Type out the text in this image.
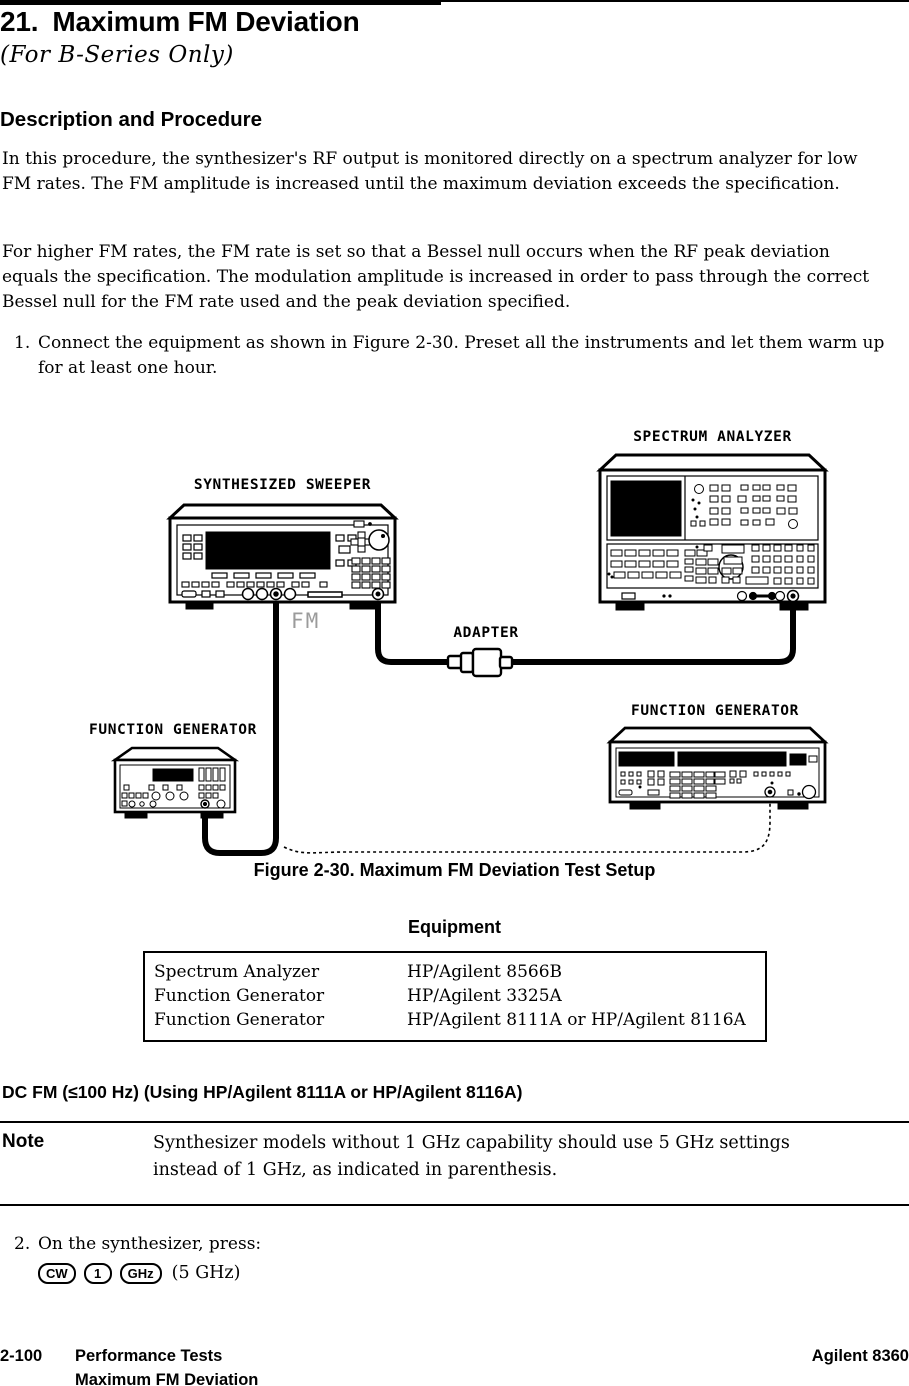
21. Maximum FM Deviation
(For B-Series Only)
Description and Procedure
In this procedure, the synthesizer's RF output is monitored directly on a spectrum analyzer for low FM rates. The FM amplitude is increased until the maximum deviation exceeds the specification.
For higher FM rates, the FM rate is set so that a Bessel null occurs when the RF peak deviation equals the specification. The modulation amplitude is increased in order to pass through the correct Bessel null for the FM rate used and the peak deviation specified.
1. Connect the equipment as shown in Figure 2-30. Preset all the instruments and let them warm up for at least one hour.
SPECTRUM ANALYZER
SYNTHESIZED SWEEPER
ADAPTER
FM
FUNCTION GENERATOR
FUNCTION GENERATOR
Figure 2-30. Maximum FM Deviation Test Setup
Equipment
Spectrum Analyzer	HP/Agilent 8566B
Function Generator	HP/Agilent 3325A
Function Generator	HP/Agilent 8111A or HP/Agilent 8116A
DC FM (≤100 Hz) (Using HP/Agilent 8111A or HP/Agilent 8116A)
Note	Synthesizer models without 1 GHz capability should use 5 GHz settings instead of 1 GHz, as indicated in parenthesis.
2. On the synthesizer, press:
CW	1	GHz	(5 GHz)
2-100	Performance Tests
Maximum FM Deviation
Agilent 8360
